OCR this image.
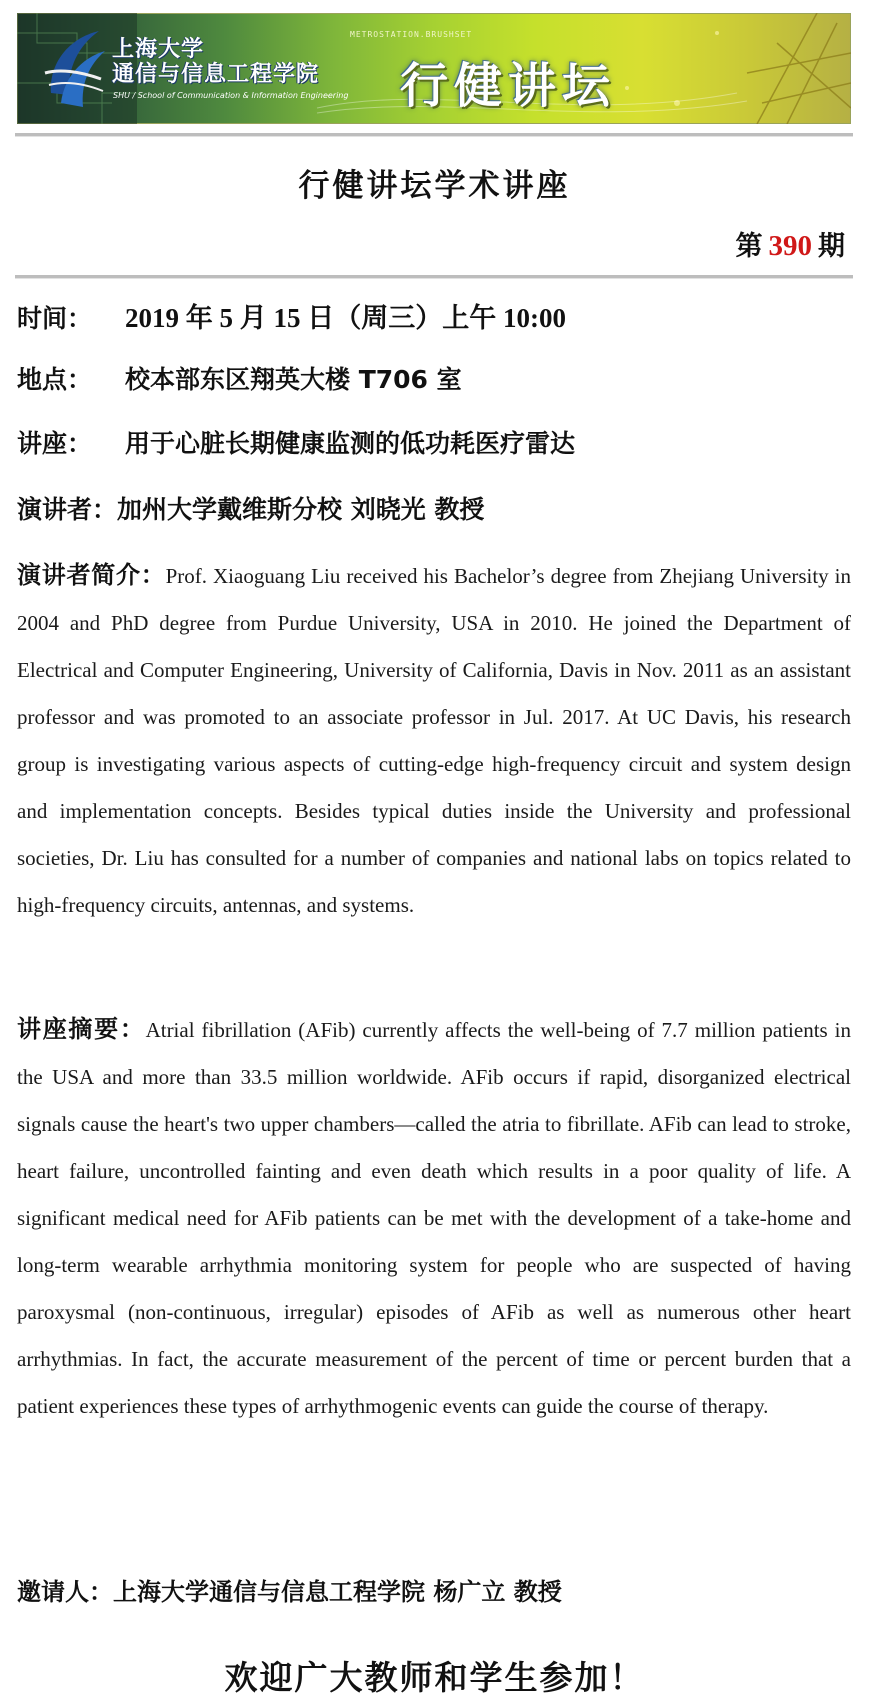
上海大学
通信与信息工程学院
SHU / School of Communication & Information Engineering
METROSTATION.BRUSHSET
行健讲坛
行健讲坛学术讲座
第 390 期
时间： 2019 年 5 月 15 日（周三）上午 10:00
地点： 校本部东区翔英大楼 T706 室
讲座： 用于心脏长期健康监测的低功耗医疗雷达
演讲者：加州大学戴维斯分校 刘晓光 教授
演讲者简介：Prof. Xiaoguang Liu received his Bachelor’s degree from Zhejiang University in 2004 and PhD degree from Purdue University, USA in 2010. He joined the Department of Electrical and Computer Engineering, University of California, Davis in Nov. 2011 as an assistant professor and was promoted to an associate professor in Jul. 2017. At UC Davis, his research group is investigating various aspects of cutting-edge high-frequency circuit and system design and implementation concepts. Besides typical duties inside the University and professional societies, Dr. Liu has consulted for a number of companies and national labs on topics related to high-frequency circuits, antennas, and systems.
讲座摘要：Atrial fibrillation (AFib) currently affects the well-being of 7.7 million patients in the USA and more than 33.5 million worldwide. AFib occurs if rapid, disorganized electrical signals cause the heart's two upper chambers—called the atria to fibrillate. AFib can lead to stroke, heart failure, uncontrolled fainting and even death which results in a poor quality of life. A significant medical need for AFib patients can be met with the development of a take-home and long-term wearable arrhythmia monitoring system for people who are suspected of having paroxysmal (non-continuous, irregular) episodes of AFib as well as numerous other heart arrhythmias. In fact, the accurate measurement of the percent of time or percent burden that a patient experiences these types of arrhythmogenic events can guide the course of therapy.
邀请人：上海大学通信与信息工程学院 杨广立 教授
欢迎广大教师和学生参加！
